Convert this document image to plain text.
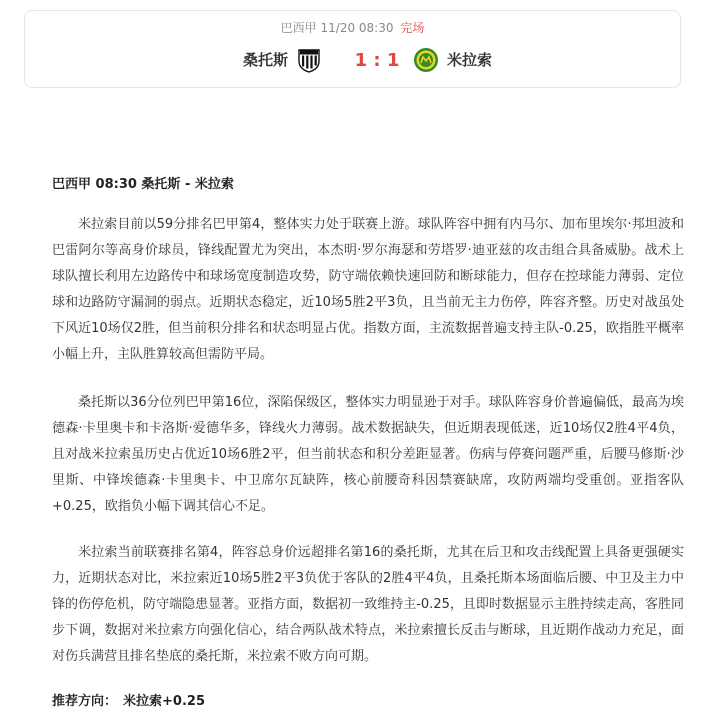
巴西甲 11/20 08:30 完场
桑托斯	1 : 1	米拉索
巴西甲 08:30 桑托斯 - 米拉索

米拉索目前以59分排名巴甲第4，整体实力处于联赛上游。球队阵容中拥有内马尔、加布里埃尔·邦坦波和巴雷阿尔等高身价球员，锋线配置尤为突出，本杰明·罗尔海瑟和劳塔罗·迪亚兹的攻击组合具备威胁。战术上球队擅长利用左边路传中和球场宽度制造攻势，防守端依赖快速回防和断球能力，但存在控球能力薄弱、定位球和边路防守漏洞的弱点。近期状态稳定，近10场5胜2平3负，且当前无主力伤停，阵容齐整。历史对战虽处下风近10场仅2胜，但当前积分排名和状态明显占优。指数方面，主流数据普遍支持主队-0.25，欧指胜平概率小幅上升，主队胜算较高但需防平局。

桑托斯以36分位列巴甲第16位，深陷保级区，整体实力明显逊于对手。球队阵容身价普遍偏低，最高为埃德森·卡里奥卡和卡洛斯·爱德华多，锋线火力薄弱。战术数据缺失，但近期表现低迷，近10场仅2胜4平4负，且对战米拉索虽历史占优近10场6胜2平，但当前状态和积分差距显著。伤病与停赛问题严重，后腰马修斯·沙里斯、中锋埃德森·卡里奥卡、中卫席尔瓦缺阵，核心前腰奇科因禁赛缺席，攻防两端均受重创。亚指客队+0.25，欧指负小幅下调其信心不足。

米拉索当前联赛排名第4，阵容总身价远超排名第16的桑托斯，尤其在后卫和攻击线配置上具备更强硬实力，近期状态对比，米拉索近10场5胜2平3负优于客队的2胜4平4负，且桑托斯本场面临后腰、中卫及主力中锋的伤停危机，防守端隐患显著。亚指方面，数据初一致维持主-0.25，且即时数据显示主胜持续走高，客胜同步下调，数据对米拉索方向强化信心，结合两队战术特点，米拉索擅长反击与断球，且近期作战动力充足，面对伤兵满营且排名垫底的桑托斯，米拉索不败方向可期。

推荐方向： 米拉索+0.25
